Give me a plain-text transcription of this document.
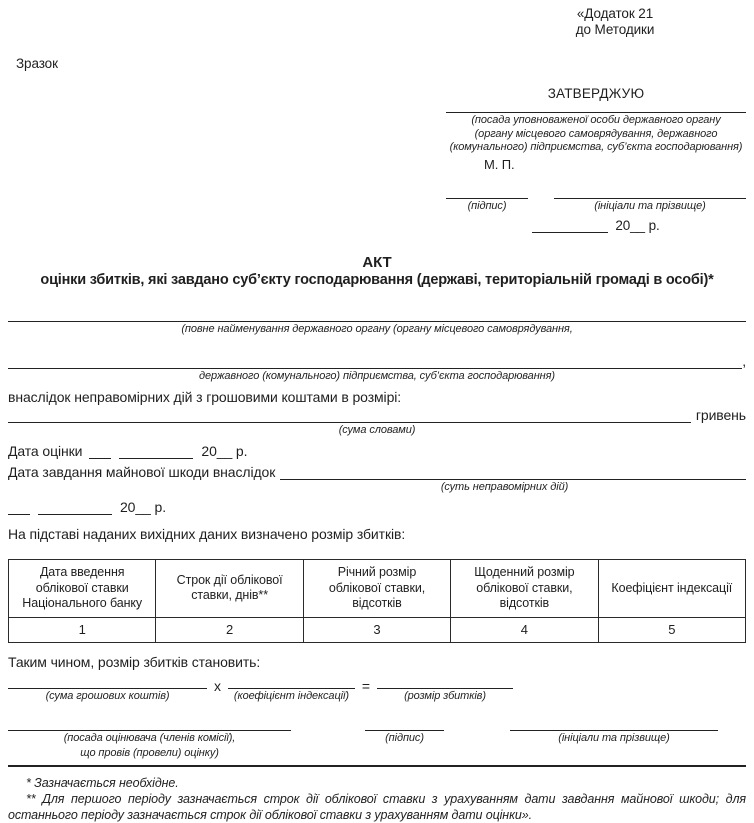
«Додаток 21
до Методики
Зразок
ЗАТВЕРДЖУЮ
(посада уповноваженої особи державного органу
(органу місцевого самоврядування, державного
(комунального) підприємства, суб’єкта господарювання)
М. П.
(підпис)	(ініціали та прізвище)
20__ р.
АКТ
оцінки збитків, які завдано суб’єкту господарювання (державі, територіальній громаді в особі)*
(повне найменування державного органу (органу місцевого самоврядування,
,
державного (комунального) підприємства, суб’єкта господарювання)
внаслідок неправомірних дій з грошовими коштами в розмірі:
гривень
(сума словами)
Дата оцінки	20__ р.
Дата завдання майнової шкоди внаслідок
(суть неправомірних дій)
20__ р.
На підставі наданих вихідних даних визначено розмір збитків:
Дата введення облікової ставки Національного банку	Строк дії облікової ставки, днів**	Річний розмір облікової ставки, відсотків	Щоденний розмір облікової ставки, відсотків	Коефіцієнт індексації
1	2	3	4	5
Таким чином, розмір збитків становить:
(сума грошових коштів)
х
(коефіцієнт індексації)
=
(розмір збитків)
(посада оцінювача (членів комісії),
що провів (провели) оцінку)
(підпис)	(ініціали та прізвище)

* Зазначається необхідне.

** Для першого періоду зазначається строк дії облікової ставки з урахуванням дати завдання майнової шкоди; для останнього періоду зазначається строк дії облікової ставки з урахуванням дати оцінки».
